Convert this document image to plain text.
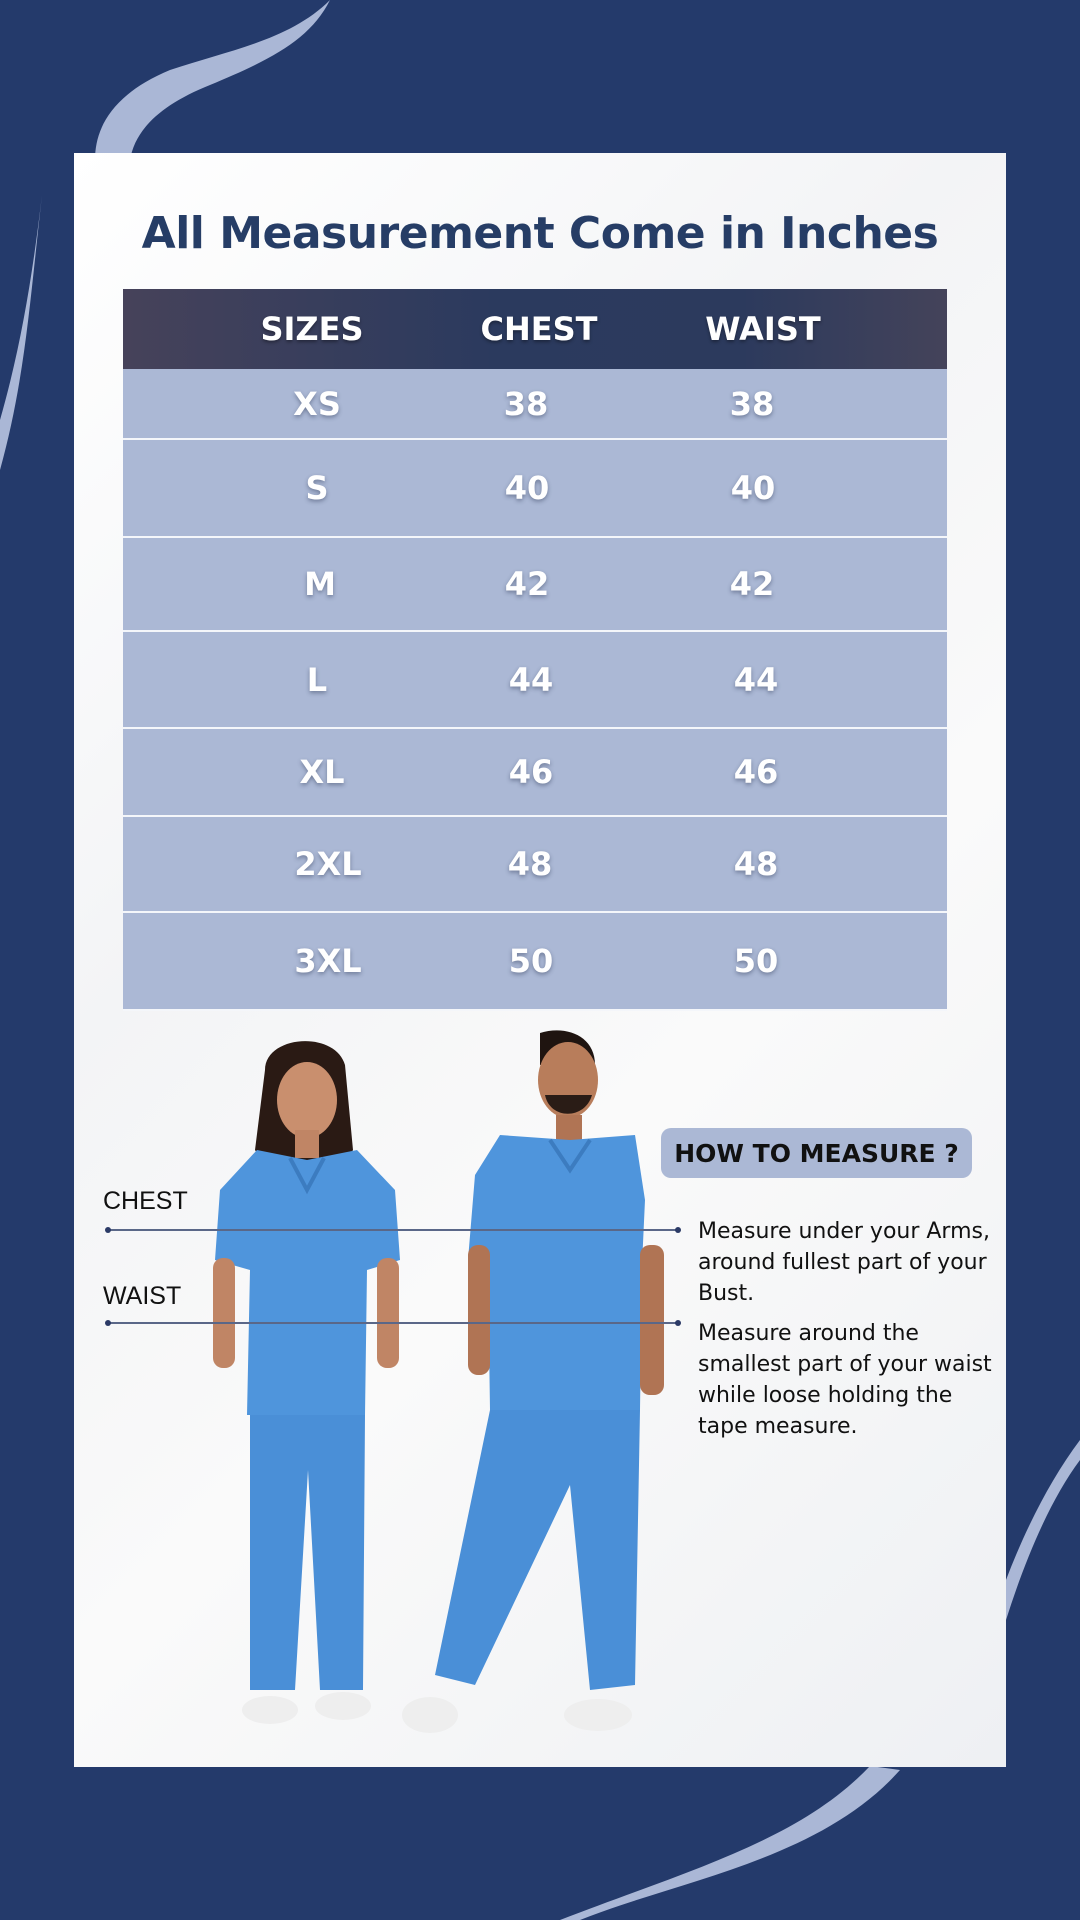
All Measurement Come in Inches
SIZES	CHEST	WAIST
XS	38	38
S	40	40
M	42	42
L	44	44
XL	46	46
2XL	48	48
3XL	50	50
CHEST
WAIST
HOW TO MEASURE ?
Measure under your Arms, around fullest part of your Bust.
Measure around the smallest part of your waist while loose holding the tape measure.
